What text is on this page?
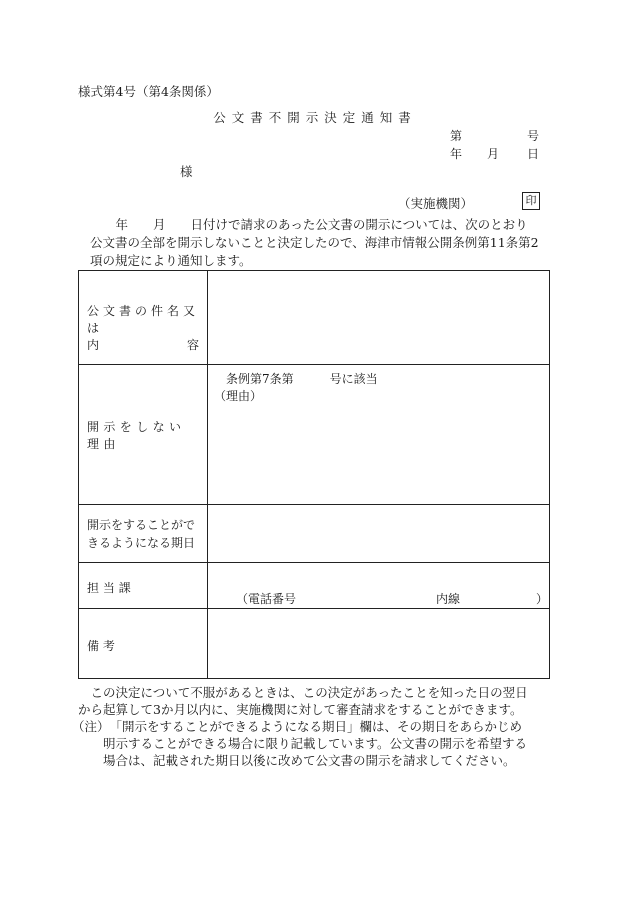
様式第4号（第4条関係）
公文書不開示決定通知書
第	号
年 月 日
様
（実施機関）	印
　　　年　　月　　日付けで請求のあった公文書の開示については、次のとおり
公文書の全部を開示しないことと決定したので、海津市情報公開条例第11条第2
項の規定により通知します。
公文書の件名又は
内 容	

開示をしない理由	条例第7条第　　　号に該当
（理由）

開示をすることがで
きるようになる期日	

担 当 課	（電話番号 内線 ）

備 考	

　この決定について不服があるときは、この決定があったことを知った日の翌日
から起算して3か月以内に、実施機関に対して審査請求をすることができます。
（注）　「開示をすることができるようになる期日」欄は、その期日をあらかじめ
　　明示することができる場合に限り記載しています。公文書の開示を希望する
　　場合は、記載された期日以後に改めて公文書の開示を請求してください。
